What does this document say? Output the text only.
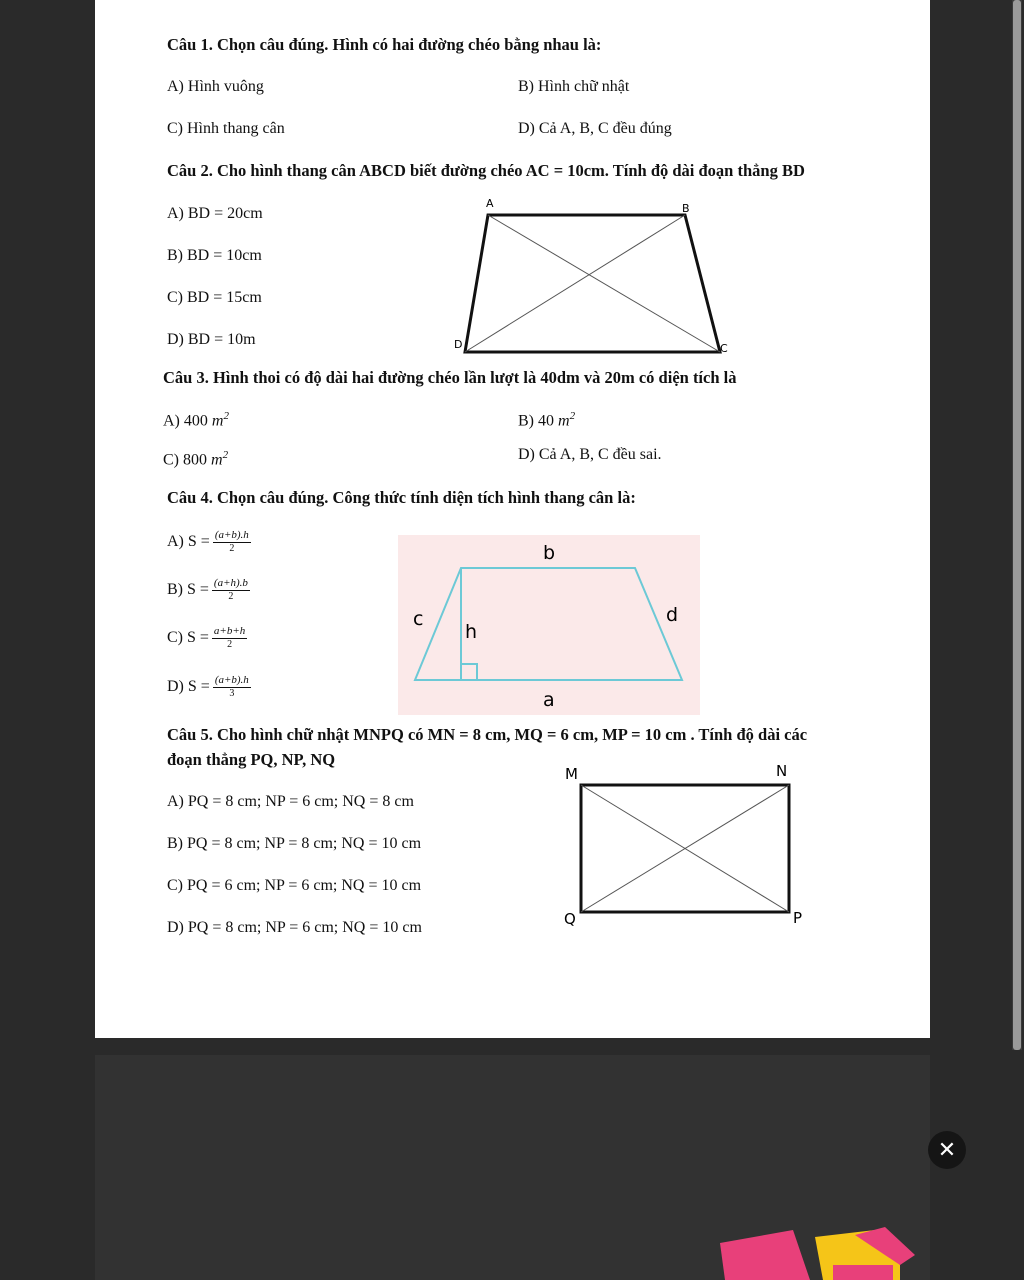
Câu 1. Chọn câu đúng. Hình có hai đường chéo bằng nhau là:
A) Hình vuông	B) Hình chữ nhật
C) Hình thang cân	D) Cả A, B, C đều đúng
Câu 2. Cho hình thang cân ABCD biết đường chéo AC = 10cm. Tính độ dài đoạn thẳng BD
A) BD = 20cm
B) BD = 10cm
C) BD = 15cm
D) BD = 10m
A	B
C
D
Câu 3. Hình thoi có độ dài hai đường chéo lần lượt là 40dm và 20m có diện tích là
A) 400 $m^2$	B) 40 $m^2$
C) 800 $m^2$	D) Cả A, B, C đều sai.
Câu 4. Chọn câu đúng. Công thức tính diện tích hình thang cân là:
A) $S = \frac{(a+b).h}{2}$
B) $S = \frac{(a+h).b}{2}$
C) $S = \frac{a+b+h}{2}$
D) $S = \frac{(a+b).h}{3}$
b
c
h
d
a
Câu 5. Cho hình chữ nhật MNPQ có MN = 8 cm, MQ = 6 cm, MP = 10 cm . Tính độ dài các
đoạn thẳng PQ, NP, NQ
A) PQ = 8 cm; NP = 6 cm; NQ = 8 cm
B) PQ = 8 cm; NP = 8 cm; NQ = 10 cm
C) PQ = 6 cm; NP = 6 cm; NQ = 10 cm
D) PQ = 8 cm; NP = 6 cm; NQ = 10 cm
M	N
P
Q
✕
